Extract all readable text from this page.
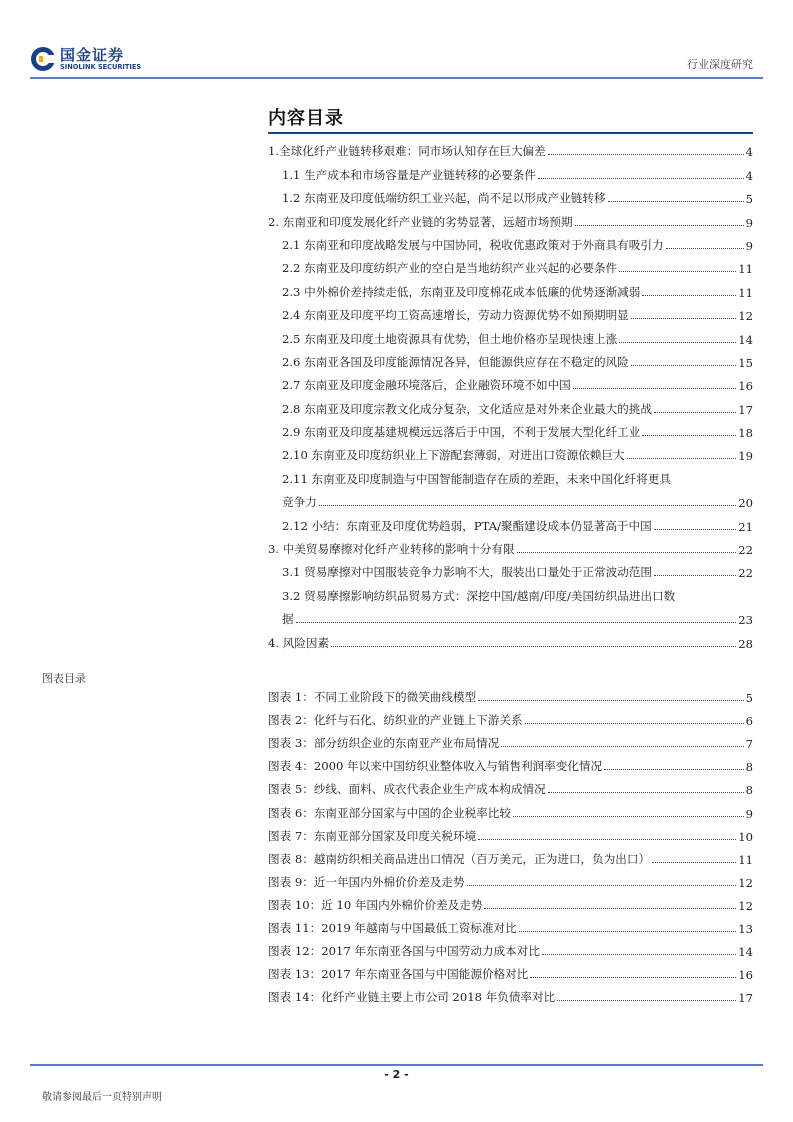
国金证券
SINOLINK SECURITIES	行业深度研究
内容目录
1.全球化纤产业链转移艰难：同市场认知存在巨大偏差	4
1.1 生产成本和市场容量是产业链转移的必要条件	4
1.2 东南亚及印度低端纺织工业兴起，尚不足以形成产业链转移	5
2. 东南亚和印度发展化纤产业链的劣势显著，远超市场预期	9
2.1 东南亚和印度战略发展与中国协同，税收优惠政策对于外商具有吸引力	9
2.2 东南亚及印度纺织产业的空白是当地纺织产业兴起的必要条件	11
2.3 中外棉价差持续走低，东南亚及印度棉花成本低廉的优势逐渐减弱	11
2.4 东南亚及印度平均工资高速增长，劳动力资源优势不如预期明显	12
2.5 东南亚及印度土地资源具有优势，但土地价格亦呈现快速上涨	14
2.6 东南亚各国及印度能源情况各异，但能源供应存在不稳定的风险	15
2.7 东南亚及印度金融环境落后，企业融资环境不如中国	16
2.8 东南亚及印度宗教文化成分复杂，文化适应是对外来企业最大的挑战	17
2.9 东南亚及印度基建规模远远落后于中国，不利于发展大型化纤工业	18
2.10 东南亚及印度纺织业上下游配套薄弱，对进出口资源依赖巨大	19
2.11 东南亚及印度制造与中国智能制造存在质的差距，未来中国化纤将更具
竞争力	20
2.12 小结：东南亚及印度优势趋弱，PTA/聚酯建设成本仍显著高于中国	21
3. 中美贸易摩擦对化纤产业转移的影响十分有限	22
3.1 贸易摩擦对中国服装竞争力影响不大，服装出口量处于正常波动范围	22
3.2 贸易摩擦影响纺织品贸易方式：深挖中国/越南/印度/美国纺织品进出口数
据	23
4. 风险因素	28
图表目录
图表 1：不同工业阶段下的微笑曲线模型	5
图表 2：化纤与石化、纺织业的产业链上下游关系	6
图表 3：部分纺织企业的东南亚产业布局情况	7
图表 4：2000 年以来中国纺织业整体收入与销售利润率变化情况	8
图表 5：纱线、面料、成衣代表企业生产成本构成情况	8
图表 6：东南亚部分国家与中国的企业税率比较	9
图表 7：东南亚部分国家及印度关税环境	10
图表 8：越南纺织相关商品进出口情况（百万美元，正为进口，负为出口）	11
图表 9：近一年国内外棉价价差及走势	12
图表 10：近 10 年国内外棉价价差及走势	12
图表 11：2019 年越南与中国最低工资标准对比	13
图表 12：2017 年东南亚各国与中国劳动力成本对比	14
图表 13：2017 年东南亚各国与中国能源价格对比	16
图表 14：化纤产业链主要上市公司 2018 年负债率对比	17
- 2 -
敬请参阅最后一页特别声明
